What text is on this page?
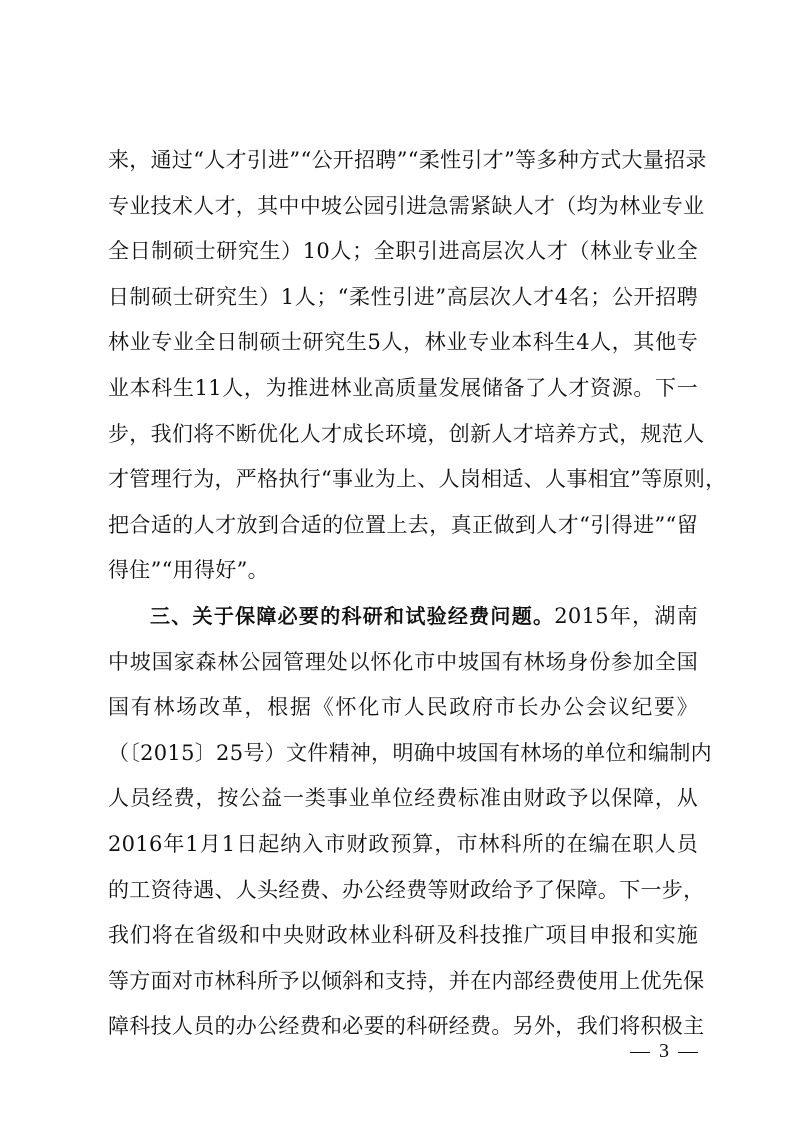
来，通过“人才引进”“公开招聘”“柔性引才”等多种方式大量招录
专业技术人才，其中中坡公园引进急需紧缺人才（均为林业专业
全日制硕士研究生）10人；全职引进高层次人才（林业专业全
日制硕士研究生）1人；“柔性引进”高层次人才4名；公开招聘
林业专业全日制硕士研究生5人，林业专业本科生4人，其他专
业本科生11人，为推进林业高质量发展储备了人才资源。下一
步，我们将不断优化人才成长环境，创新人才培养方式，规范人
才管理行为，严格执行“事业为上、人岗相适、人事相宜”等原则，
把合适的人才放到合适的位置上去，真正做到人才“引得进”“留
得住”“用得好”。
三、关于保障必要的科研和试验经费问题。2015年，湖南
中坡国家森林公园管理处以怀化市中坡国有林场身份参加全国
国有林场改革，根据《怀化市人民政府市长办公会议纪要》
（〔2015〕25号）文件精神，明确中坡国有林场的单位和编制内
人员经费，按公益一类事业单位经费标准由财政予以保障，从
2016年1月1日起纳入市财政预算，市林科所的在编在职人员
的工资待遇、人头经费、办公经费等财政给予了保障。下一步，
我们将在省级和中央财政林业科研及科技推广项目申报和实施
等方面对市林科所予以倾斜和支持，并在内部经费使用上优先保
障科技人员的办公经费和必要的科研经费。另外，我们将积极主
— 3 —
